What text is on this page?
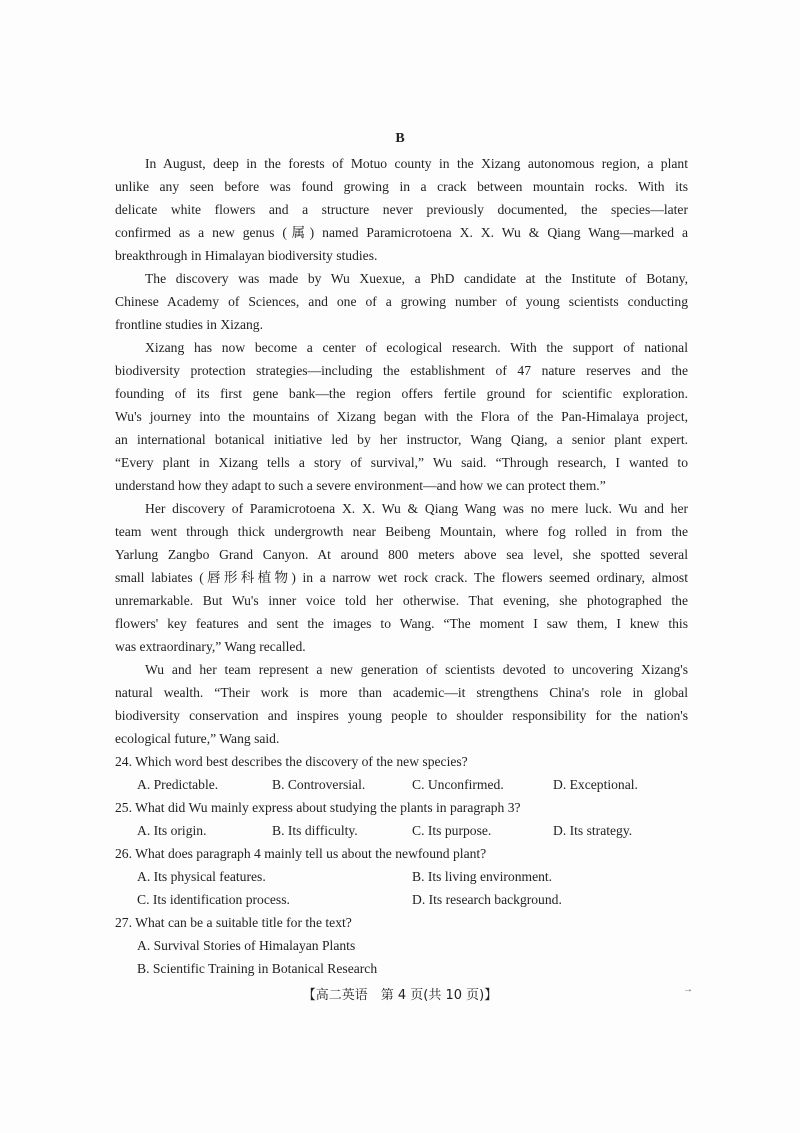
B
In August, deep in the forests of Motuo county in the Xizang autonomous region, a plant
unlike any seen before was found growing in a crack between mountain rocks. With its
delicate white flowers and a structure never previously documented, the species—later
confirmed as a new genus (属) named Paramicrotoena X. X. Wu & Qiang Wang—marked a
breakthrough in Himalayan biodiversity studies.
The discovery was made by Wu Xuexue, a PhD candidate at the Institute of Botany,
Chinese Academy of Sciences, and one of a growing number of young scientists conducting
frontline studies in Xizang.
Xizang has now become a center of ecological research. With the support of national
biodiversity protection strategies—including the establishment of 47 nature reserves and the
founding of its first gene bank—the region offers fertile ground for scientific exploration.
Wu's journey into the mountains of Xizang began with the Flora of the Pan-Himalaya project,
an international botanical initiative led by her instructor, Wang Qiang, a senior plant expert.
“Every plant in Xizang tells a story of survival,” Wu said. “Through research, I wanted to
understand how they adapt to such a severe environment—and how we can protect them.”
Her discovery of Paramicrotoena X. X. Wu & Qiang Wang was no mere luck. Wu and her
team went through thick undergrowth near Beibeng Mountain, where fog rolled in from the
Yarlung Zangbo Grand Canyon. At around 800 meters above sea level, she spotted several
small labiates (唇形科植物) in a narrow wet rock crack. The flowers seemed ordinary, almost
unremarkable. But Wu's inner voice told her otherwise. That evening, she photographed the
flowers' key features and sent the images to Wang. “The moment I saw them, I knew this
was extraordinary,” Wang recalled.
Wu and her team represent a new generation of scientists devoted to uncovering Xizang's
natural wealth. “Their work is more than academic—it strengthens China's role in global
biodiversity conservation and inspires young people to shoulder responsibility for the nation's
ecological future,” Wang said.
24. Which word best describes the discovery of the new species?
A. Predictable.	B. Controversial.	C. Unconfirmed.	D. Exceptional.
25. What did Wu mainly express about studying the plants in paragraph 3?
A. Its origin.	B. Its difficulty.	C. Its purpose.	D. Its strategy.
26. What does paragraph 4 mainly tell us about the newfound plant?
A. Its physical features.	B. Its living environment.
C. Its identification process.	D. Its research background.
27. What can be a suitable title for the text?
A. Survival Stories of Himalayan Plants
B. Scientific Training in Botanical Research
【高二英语　第 4 页(共 10 页)】	→
